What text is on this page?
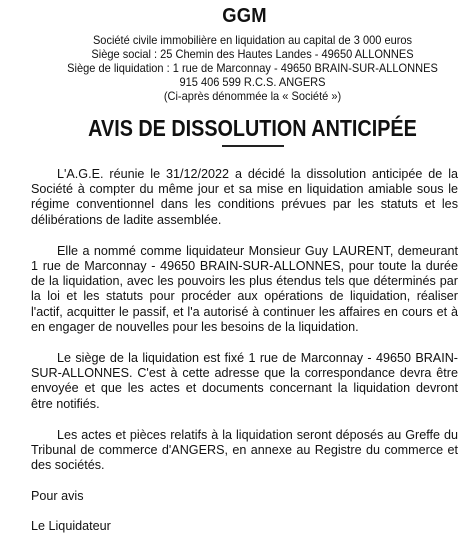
GGM
Société civile immobilière en liquidation au capital de 3 000 euros
Siège social : 25 Chemin des Hautes Landes - 49650 ALLONNES
Siège de liquidation : 1 rue de Marconnay - 49650 BRAIN-SUR-ALLONNES
915 406 599 R.C.S. ANGERS
(Ci-après dénommée la « Société »)
AVIS DE DISSOLUTION ANTICIPÉE

L'A.G.E. réunie le 31/12/2022 a décidé la dissolution anticipée de la Société à compter du même jour et sa mise en liquidation amiable sous le régime conventionnel dans les conditions prévues par les statuts et les délibérations de ladite assemblée.

Elle a nommé comme liquidateur Monsieur Guy LAURENT, demeurant 1 rue de Marconnay - 49650 BRAIN-SUR-ALLONNES, pour toute la durée de la liquidation, avec les pouvoirs les plus étendus tels que déterminés par la loi et les statuts pour procéder aux opérations de liquidation, réaliser l'actif, acquitter le passif, et l'a autorisé à continuer les affaires en cours et à en engager de nouvelles pour les besoins de la liquidation.

Le siège de la liquidation est fixé 1 rue de Marconnay - 49650 BRAIN-SUR-ALLONNES. C'est à cette adresse que la correspondance devra être envoyée et que les actes et documents concernant la liquidation devront être notifiés.

Les actes et pièces relatifs à la liquidation seront déposés au Greffe du Tribunal de commerce d'ANGERS, en annexe au Registre du commerce et des sociétés.

Pour avis

Le Liquidateur
